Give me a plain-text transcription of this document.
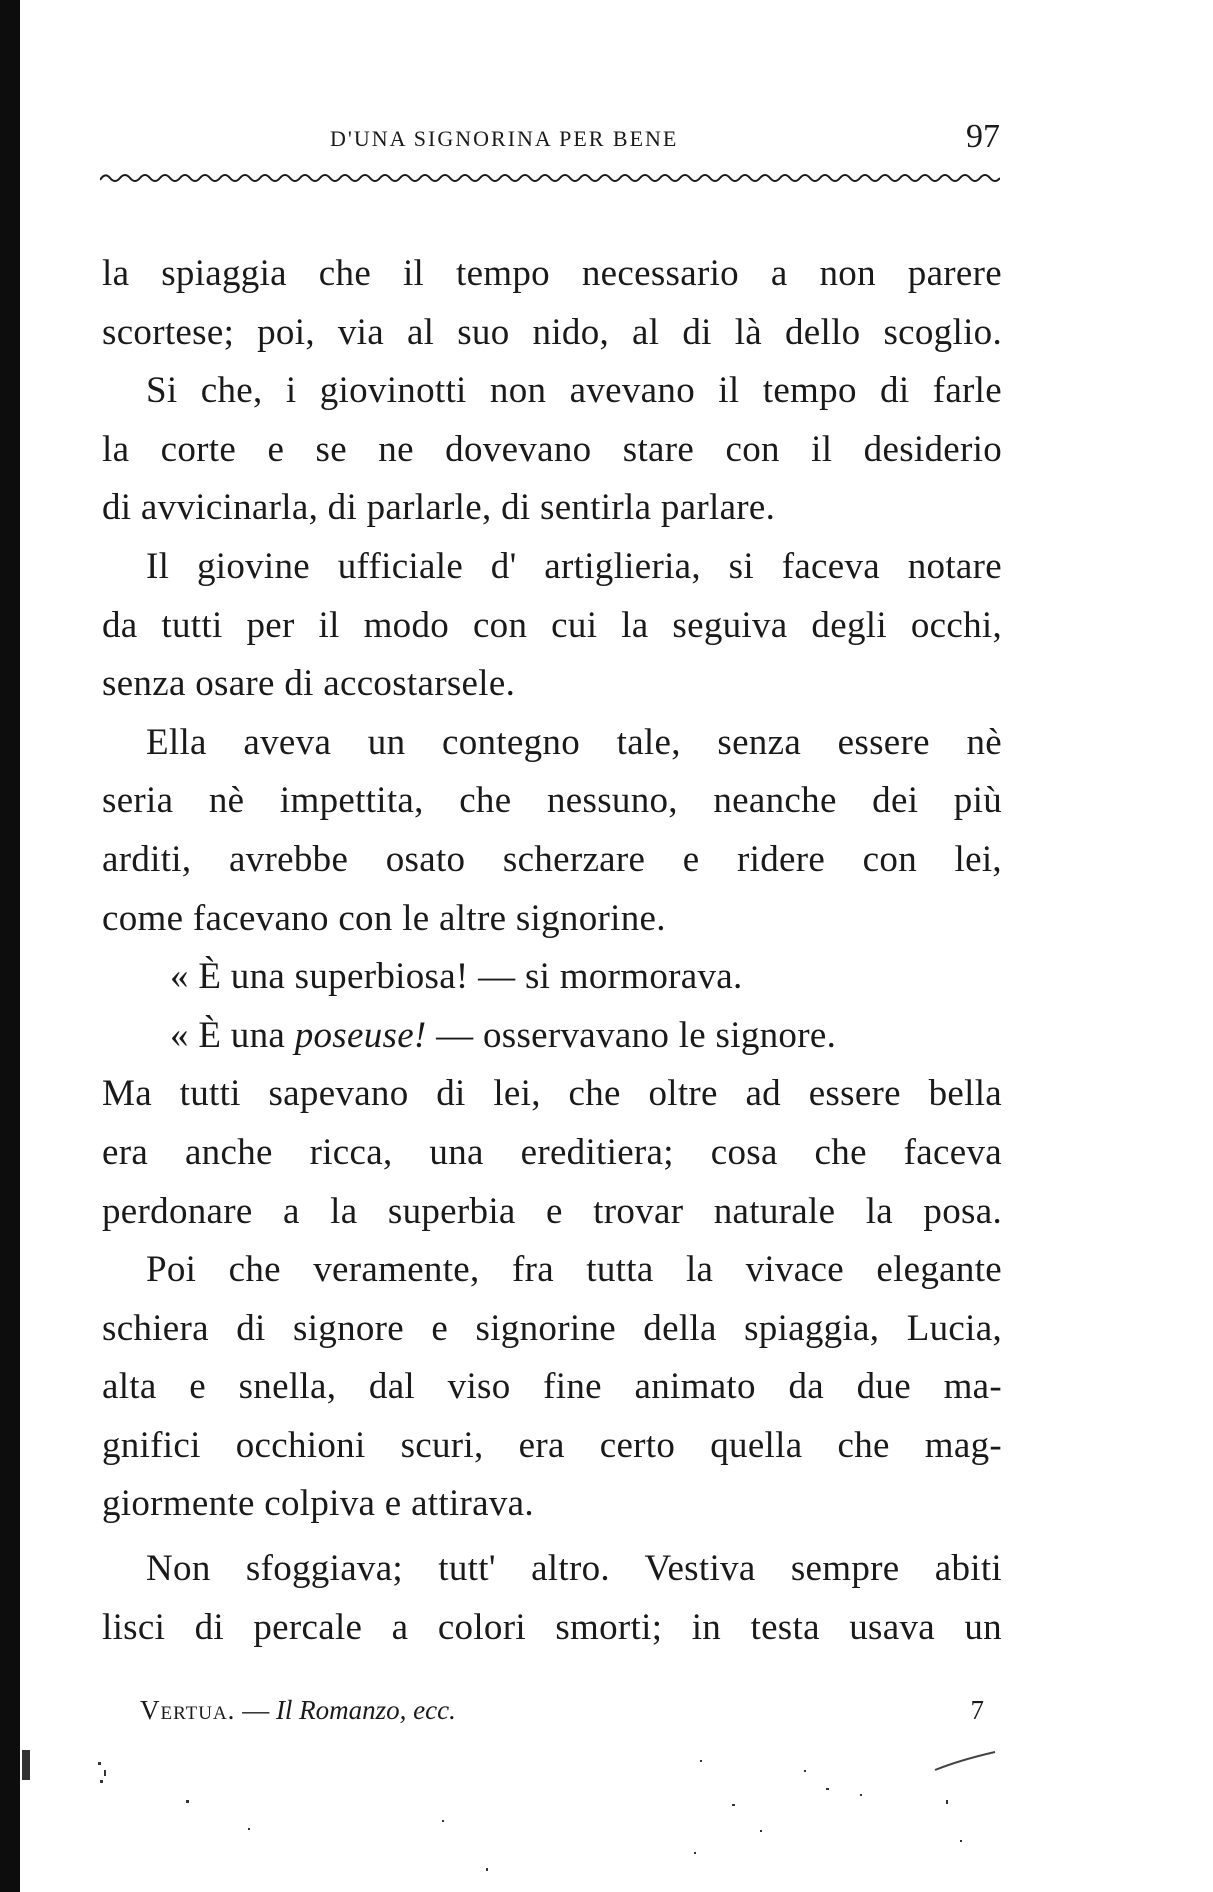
D'UNA SIGNORINA PER BENE	97
la spiaggia che il tempo necessario a non parere
scortese; poi, via al suo nido, al di là dello scoglio.
Si che, i giovinotti non avevano il tempo di farle
la corte e se ne dovevano stare con il desiderio
di avvicinarla, di parlarle, di sentirla parlare.
Il giovine ufficiale d' artiglieria, si faceva notare
da tutti per il modo con cui la seguiva degli occhi,
senza osare di accostarsele.
Ella aveva un contegno tale, senza essere nè
seria nè impettita, che nessuno, neanche dei più
arditi, avrebbe osato scherzare e ridere con lei,
come facevano con le altre signorine.
« È una superbiosa! — si mormorava.
« È una poseuse! — osservavano le signore.
Ma tutti sapevano di lei, che oltre ad essere bella
era anche ricca, una ereditiera; cosa che faceva
perdonare a la superbia e trovar naturale la posa.
Poi che veramente, fra tutta la vivace elegante
schiera di signore e signorine della spiaggia, Lucia,
alta e snella, dal viso fine animato da due ma-
gnifici occhioni scuri, era certo quella che mag-
giormente colpiva e attirava.
Non sfoggiava; tutt' altro. Vestiva sempre abiti
lisci di percale a colori smorti; in testa usava un
Vertua. — Il Romanzo, ecc.	7
